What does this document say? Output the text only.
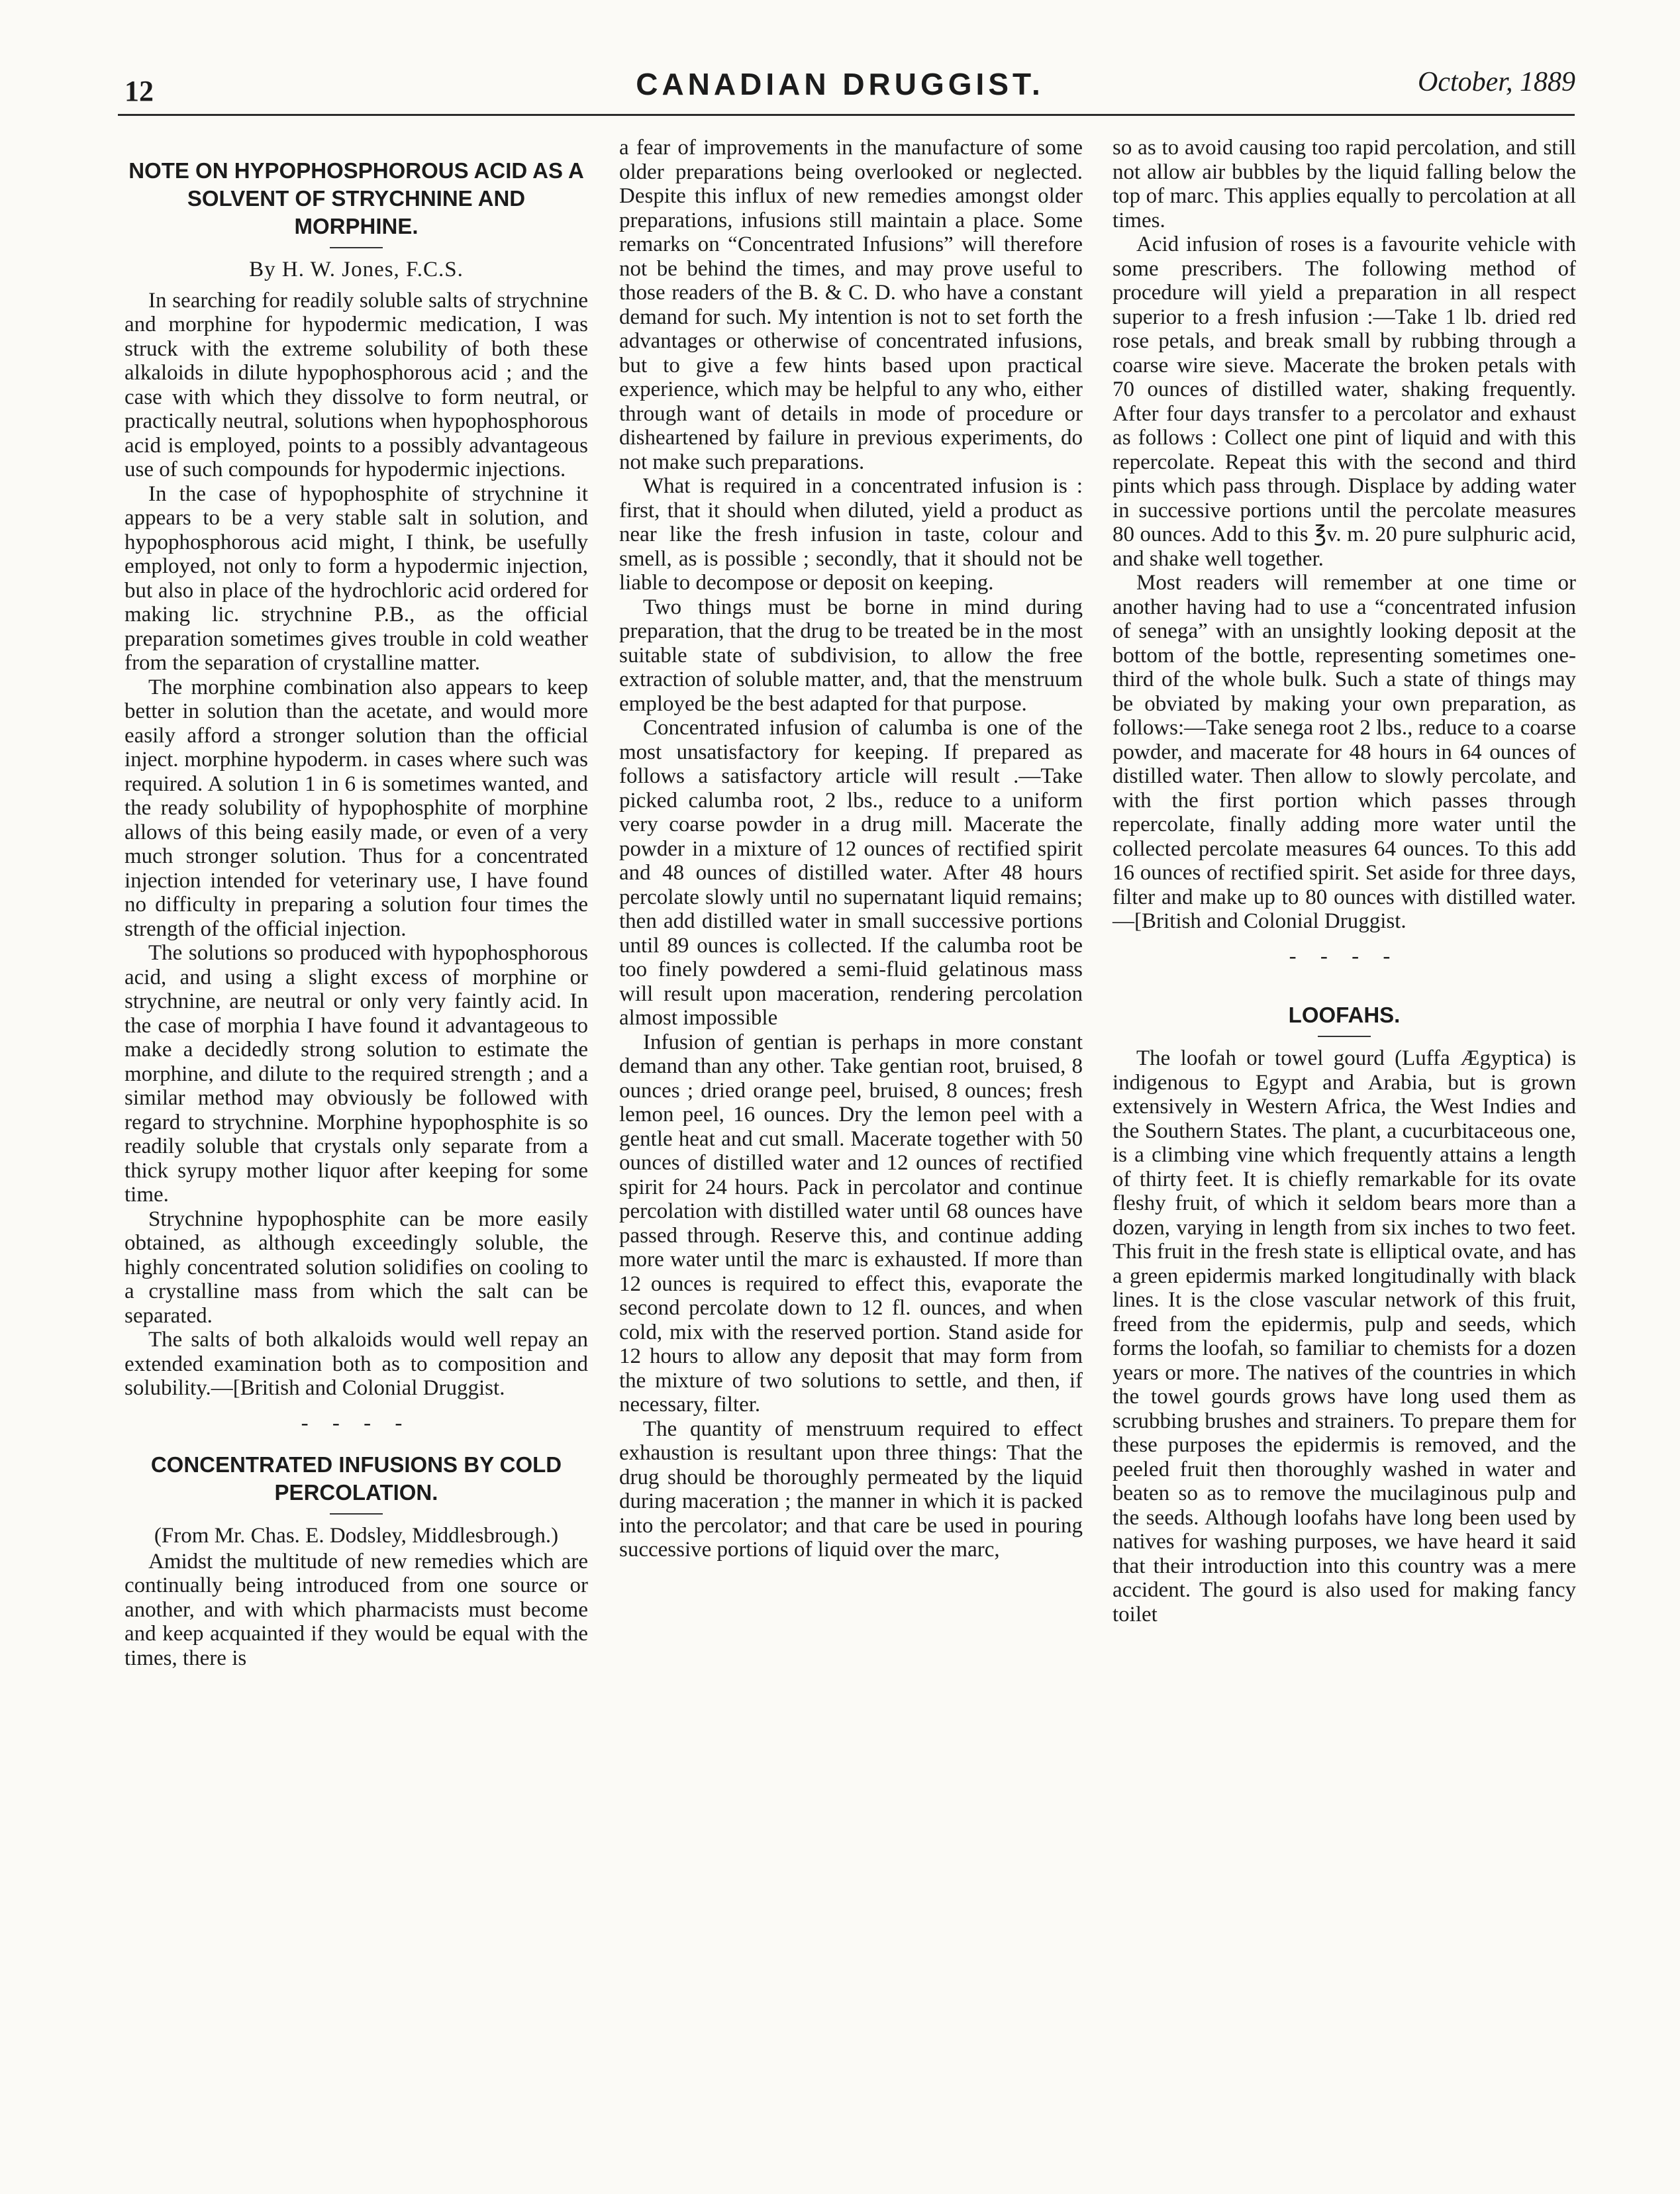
12	CANADIAN DRUGGIST.	October, 1889
NOTE ON HYPOPHOSPHOROUS ACID AS A SOLVENT OF STRYCHNINE AND MORPHINE.
By H. W. Jones, F.C.S.

In searching for readily soluble salts of strychnine and morphine for hypodermic medication, I was struck with the extreme solubility of both these alkaloids in dilute hypophosphorous acid ; and the case with which they dissolve to form neutral, or practically neutral, solutions when hypophosphorous acid is employed, points to a possibly advantageous use of such compounds for hypodermic injections.

In the case of hypophosphite of strychnine it appears to be a very stable salt in solution, and hypophosphorous acid might, I think, be usefully employed, not only to form a hypodermic injection, but also in place of the hydrochloric acid ordered for making lic. strychnine P.B., as the official preparation sometimes gives trouble in cold weather from the separation of crystalline matter.

The morphine combination also appears to keep better in solution than the acetate, and would more easily afford a stronger solution than the official inject. morphine hypoderm. in cases where such was required. A solution 1 in 6 is sometimes wanted, and the ready solubility of hypophosphite of morphine allows of this being easily made, or even of a very much stronger solution. Thus for a concentrated injection intended for veterinary use, I have found no difficulty in preparing a solution four times the strength of the official injection.

The solutions so produced with hypophosphorous acid, and using a slight excess of morphine or strychnine, are neutral or only very faintly acid. In the case of morphia I have found it advantageous to make a decidedly strong solution to estimate the morphine, and dilute to the required strength ; and a similar method may obviously be followed with regard to strychnine. Morphine hypophosphite is so readily soluble that crystals only separate from a thick syrupy mother liquor after keeping for some time.

Strychnine hypophosphite can be more easily obtained, as although exceedingly soluble, the highly concentrated solution solidifies on cooling to a crystalline mass from which the salt can be separated.

The salts of both alkaloids would well repay an extended examination both as to composition and solubility.—[British and Colonial Druggist.

- - - -
CONCENTRATED INFUSIONS BY COLD PERCOLATION.
(From Mr. Chas. E. Dodsley, Middlesbrough.)

Amidst the multitude of new remedies which are continually being introduced from one source or another, and with which pharmacists must become and keep acquainted if they would be equal with the times, there is

a fear of improvements in the manufacture of some older preparations being overlooked or neglected. Despite this influx of new remedies amongst older preparations, infusions still maintain a place. Some remarks on “Concentrated Infusions” will therefore not be behind the times, and may prove useful to those readers of the B. & C. D. who have a constant demand for such. My intention is not to set forth the advantages or otherwise of concentrated infusions, but to give a few hints based upon practical experience, which may be helpful to any who, either through want of details in mode of procedure or disheartened by failure in previous experiments, do not make such preparations.

What is required in a concentrated infusion is : first, that it should when diluted, yield a product as near like the fresh infusion in taste, colour and smell, as is possible ; secondly, that it should not be liable to decompose or deposit on keeping.

Two things must be borne in mind during preparation, that the drug to be treated be in the most suitable state of subdivision, to allow the free extraction of soluble matter, and, that the menstruum employed be the best adapted for that purpose.

Concentrated infusion of calumba is one of the most unsatisfactory for keeping. If prepared as follows a satisfactory article will result .—Take picked calumba root, 2 lbs., reduce to a uniform very coarse powder in a drug mill. Macerate the powder in a mixture of 12 ounces of rectified spirit and 48 ounces of distilled water. After 48 hours percolate slowly until no supernatant liquid remains; then add distilled water in small successive portions until 89 ounces is collected. If the calumba root be too finely powdered a semi-fluid gelatinous mass will result upon maceration, rendering percolation almost impossible

Infusion of gentian is perhaps in more constant demand than any other. Take gentian root, bruised, 8 ounces ; dried orange peel, bruised, 8 ounces; fresh lemon peel, 16 ounces. Dry the lemon peel with a gentle heat and cut small. Macerate together with 50 ounces of distilled water and 12 ounces of rectified spirit for 24 hours. Pack in percolator and continue percolation with distilled water until 68 ounces have passed through. Reserve this, and continue adding more water until the marc is exhausted. If more than 12 ounces is required to effect this, evaporate the second percolate down to 12 fl. ounces, and when cold, mix with the reserved portion. Stand aside for 12 hours to allow any deposit that may form from the mixture of two solutions to settle, and then, if necessary, filter.

The quantity of menstruum required to effect exhaustion is resultant upon three things: That the drug should be thoroughly permeated by the liquid during maceration ; the manner in which it is packed into the percolator; and that care be used in pouring successive portions of liquid over the marc,

so as to avoid causing too rapid percolation, and still not allow air bubbles by the liquid falling below the top of marc. This applies equally to percolation at all times.

Acid infusion of roses is a favourite vehicle with some prescribers. The following method of procedure will yield a preparation in all respect superior to a fresh infusion :—Take 1 lb. dried red rose petals, and break small by rubbing through a coarse wire sieve. Macerate the broken petals with 70 ounces of distilled water, shaking frequently. After four days transfer to a percolator and exhaust as follows : Collect one pint of liquid and with this repercolate. Repeat this with the second and third pints which pass through. Displace by adding water in successive portions until the percolate measures 80 ounces. Add to this ℥v. m. 20 pure sulphuric acid, and shake well together.

Most readers will remember at one time or another having had to use a “concentrated infusion of senega” with an unsightly looking deposit at the bottom of the bottle, representing sometimes one-third of the whole bulk. Such a state of things may be obviated by making your own preparation, as follows:—Take senega root 2 lbs., reduce to a coarse powder, and macerate for 48 hours in 64 ounces of distilled water. Then allow to slowly percolate, and with the first portion which passes through repercolate, finally adding more water until the collected percolate measures 64 ounces. To this add 16 ounces of rectified spirit. Set aside for three days, filter and make up to 80 ounces with distilled water.—[British and Colonial Druggist.

- - - -
LOOFAHS.

The loofah or towel gourd (Luffa Ægyptica) is indigenous to Egypt and Arabia, but is grown extensively in Western Africa, the West Indies and the Southern States. The plant, a cucurbitaceous one, is a climbing vine which frequently attains a length of thirty feet. It is chiefly remarkable for its ovate fleshy fruit, of which it seldom bears more than a dozen, varying in length from six inches to two feet. This fruit in the fresh state is elliptical ovate, and has a green epidermis marked longitudinally with black lines. It is the close vascular network of this fruit, freed from the epidermis, pulp and seeds, which forms the loofah, so familiar to chemists for a dozen years or more. The natives of the countries in which the towel gourds grows have long used them as scrubbing brushes and strainers. To prepare them for these purposes the epidermis is removed, and the peeled fruit then thoroughly washed in water and beaten so as to remove the mucilaginous pulp and the seeds. Although loofahs have long been used by natives for washing purposes, we have heard it said that their introduction into this country was a mere accident. The gourd is also used for making fancy toilet
